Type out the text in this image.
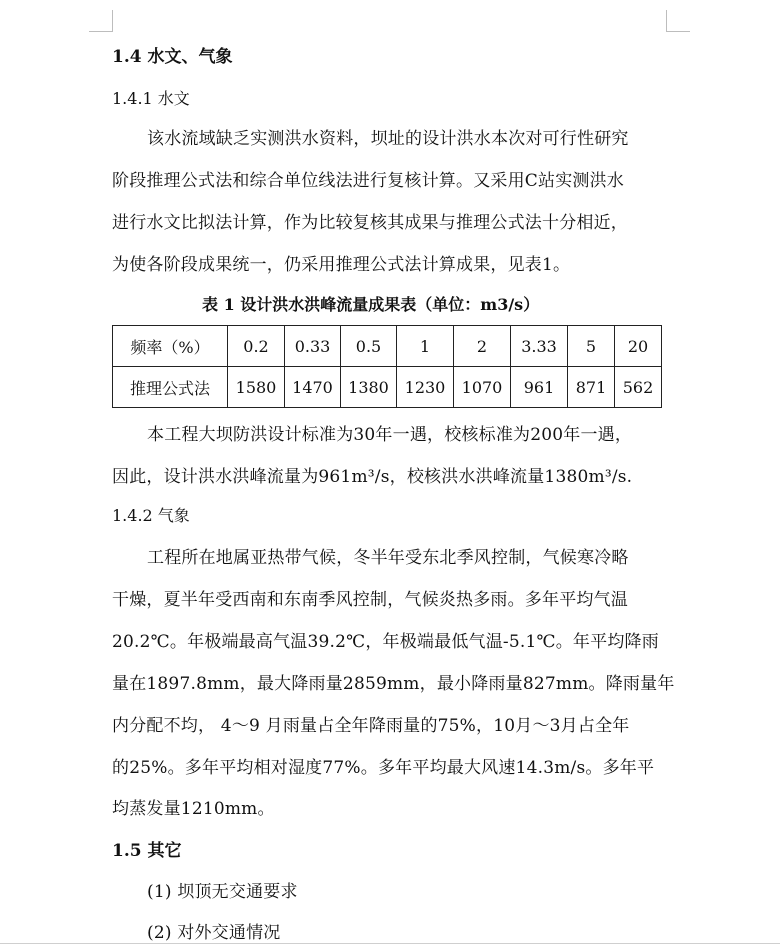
1.4 水文、气象
1.4.1 水文
该水流域缺乏实测洪水资料，坝址的设计洪水本次对可行性研究
阶段推理公式法和综合单位线法进行复核计算。又采用C站实测洪水
进行水文比拟法计算，作为比较复核其成果与推理公式法十分相近，
为使各阶段成果统一，仍采用推理公式法计算成果，见表1。
表 1 设计洪水洪峰流量成果表（单位：m3/s）
频率（%）	0.2	0.33	0.5	1	2	3.33	5	20
推理公式法	1580	1470	1380	1230	1070	961	871	562
本工程大坝防洪设计标准为30年一遇，校核标准为200年一遇，
因此，设计洪水洪峰流量为961m³/s，校核洪水洪峰流量1380m³/s.
1.4.2 气象
工程所在地属亚热带气候，冬半年受东北季风控制，气候寒冷略
干燥，夏半年受西南和东南季风控制，气候炎热多雨。多年平均气温
20.2℃。年极端最高气温39.2℃，年极端最低气温-5.1℃。年平均降雨
量在1897.8mm，最大降雨量2859mm，最小降雨量827mm。降雨量年
内分配不均， 4～9 月雨量占全年降雨量的75%，10月～3月占全年
的25%。多年平均相对湿度77%。多年平均最大风速14.3m/s。多年平
均蒸发量1210mm。
1.5 其它
(1) 坝顶无交通要求
(2) 对外交通情况
